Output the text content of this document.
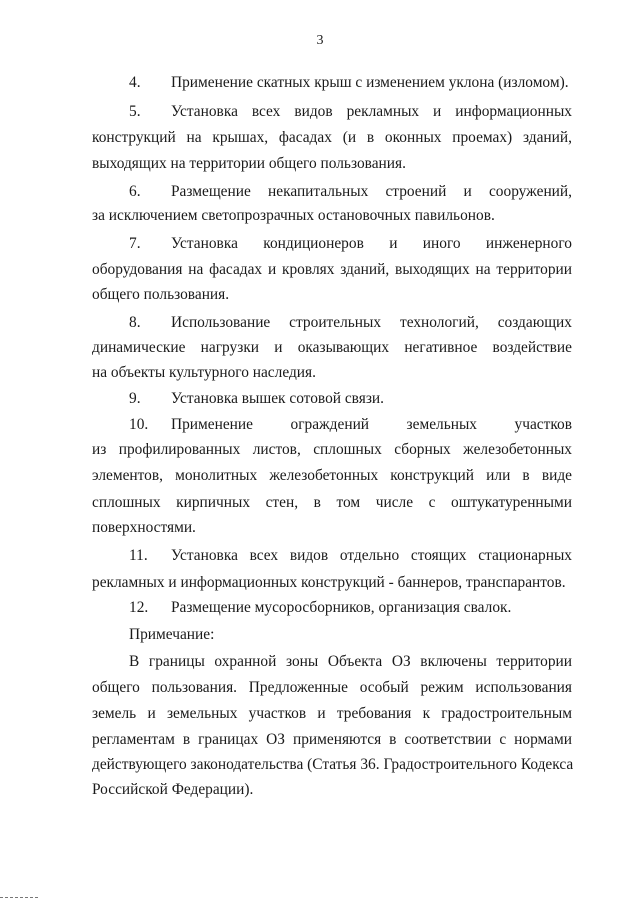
3
4. Применение скатных крыш с изменением уклона (изломом).
5. Установка всех видов рекламных и информационных
конструкций на крышах, фасадах (и в оконных проемах) зданий,
выходящих на территории общего пользования.
6. Размещение некапитальных строений и сооружений,
за исключением светопрозрачных остановочных павильонов.
7. Установка кондиционеров и иного инженерного
оборудования на фасадах и кровлях зданий, выходящих на территории
общего пользования.
8. Использование строительных технологий, создающих
динамические нагрузки и оказывающих негативное воздействие
на объекты культурного наследия.
9. Установка вышек сотовой связи.
10. Применение ограждений земельных участков
из профилированных листов, сплошных сборных железобетонных
элементов, монолитных железобетонных конструкций или в виде
сплошных кирпичных стен, в том числе с оштукатуренными
поверхностями.
11. Установка всех видов отдельно стоящих стационарных
рекламных и информационных конструкций - баннеров, транспарантов.
12. Размещение мусоросборников, организация свалок.
Примечание:
В границы охранной зоны Объекта ОЗ включены территории
общего пользования. Предложенные особый режим использования
земель и земельных участков и требования к градостроительным
регламентам в границах ОЗ применяются в соответствии с нормами
действующего законодательства (Статья 36. Градостроительного Кодекса
Российской Федерации).
